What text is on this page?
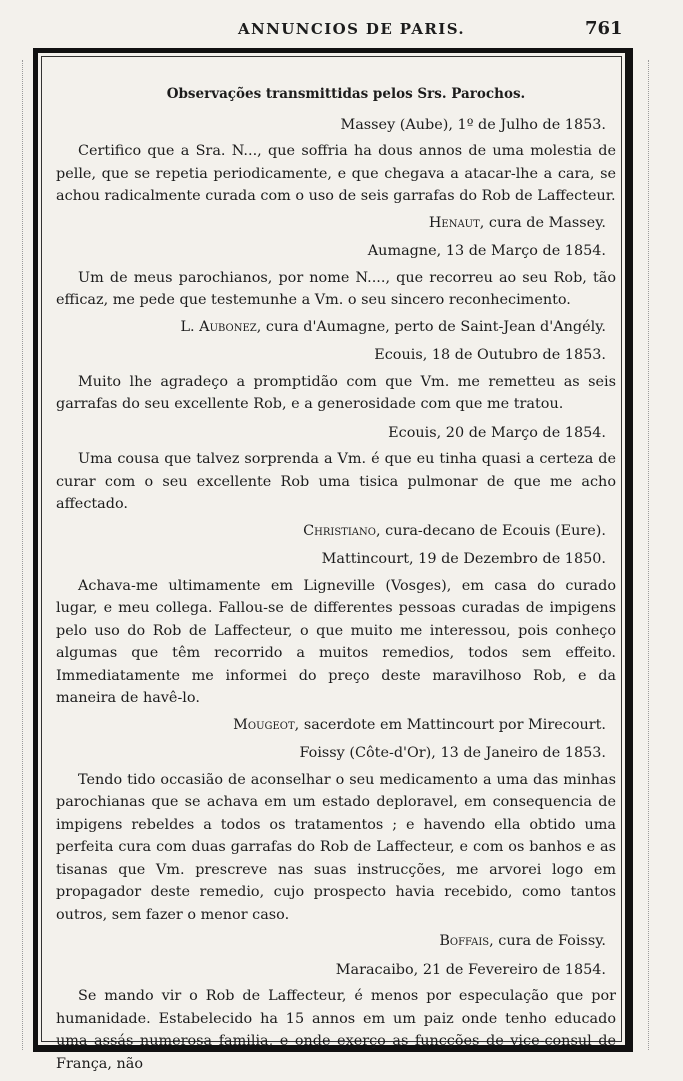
ANNUNCIOS DE PARIS.	761
Observações transmittidas pelos Srs. Parochos.

Massey (Aube), 1º de Julho de 1853.

Certifico que a Sra. N..., que soffria ha dous annos de uma molestia de pelle, que se repetia periodicamente, e que chegava a atacar-lhe a cara, se achou radicalmente curada com o uso de seis garrafas do Rob de Laffecteur.

Henaut, cura de Massey.

Aumagne, 13 de Março de 1854.

Um de meus parochianos, por nome N...., que recorreu ao seu Rob, tão efficaz, me pede que testemunhe a Vm. o seu sincero reconhecimento.

L. Aubonez, cura d'Aumagne, perto de Saint-Jean d'Angély.

Ecouis, 18 de Outubro de 1853.

Muito lhe agradeço a promptidão com que Vm. me remetteu as seis garrafas do seu excellente Rob, e a generosidade com que me tratou.

Ecouis, 20 de Março de 1854.

Uma cousa que talvez sorprenda a Vm. é que eu tinha quasi a certeza de curar com o seu excellente Rob uma tisica pulmonar de que me acho affectado.

Christiano, cura-decano de Ecouis (Eure).

Mattincourt, 19 de Dezembro de 1850.

Achava-me ultimamente em Ligneville (Vosges), em casa do curado lugar, e meu collega. Fallou-se de differentes pessoas curadas de impigens pelo uso do Rob de Laffecteur, o que muito me interessou, pois conheço algumas que têm recorrido a muitos remedios, todos sem effeito. Immediatamente me informei do preço deste maravilhoso Rob, e da maneira de havê-lo.

Mougeot, sacerdote em Mattincourt por Mirecourt.

Foissy (Côte-d'Or), 13 de Janeiro de 1853.

Tendo tido occasião de aconselhar o seu medicamento a uma das minhas parochianas que se achava em um estado deploravel, em consequencia de impigens rebeldes a todos os tratamentos ; e havendo ella obtido uma perfeita cura com duas garrafas do Rob de Laffecteur, e com os banhos e as tisanas que Vm. prescreve nas suas instrucções, me arvorei logo em propagador deste remedio, cujo prospecto havia recebido, como tantos outros, sem fazer o menor caso.

Boffais, cura de Foissy.

Maracaibo, 21 de Fevereiro de 1854.

Se mando vir o Rob de Laffecteur, é menos por especulação que por humanidade. Estabelecido ha 15 annos em um paiz onde tenho educado uma assás numerosa familia, e onde exerço as funcções de vice-consul de França, não
